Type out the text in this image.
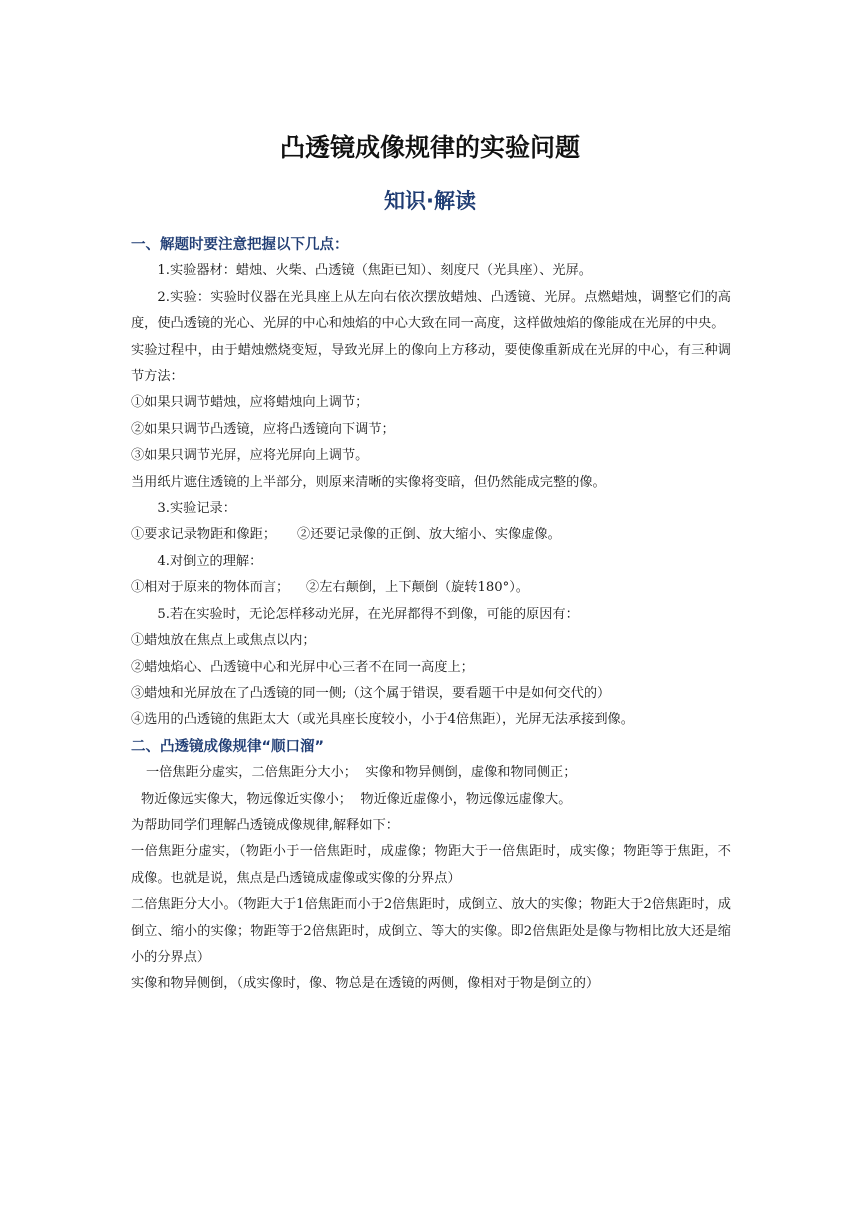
凸透镜成像规律的实验问题
知识·解读

一、解题时要注意把握以下几点：

1.实验器材：蜡烛、火柴、凸透镜（焦距已知）、刻度尺（光具座）、光屏。

2.实验：实验时仪器在光具座上从左向右依次摆放蜡烛、凸透镜、光屏。点燃蜡烛，调整它们的高度，使凸透镜的光心、光屏的中心和烛焰的中心大致在同一高度，这样做烛焰的像能成在光屏的中央。

实验过程中，由于蜡烛燃烧变短，导致光屏上的像向上方移动，要使像重新成在光屏的中心，有三种调节方法：

①如果只调节蜡烛，应将蜡烛向上调节；

②如果只调节凸透镜，应将凸透镜向下调节；

③如果只调节光屏，应将光屏向上调节。

当用纸片遮住透镜的上半部分，则原来清晰的实像将变暗，但仍然能成完整的像。

3.实验记录：

①要求记录物距和像距；     ②还要记录像的正倒、放大缩小、实像虚像。

4.对倒立的理解：

①相对于原来的物体而言；    ②左右颠倒，上下颠倒（旋转180°）。

5.若在实验时，无论怎样移动光屏，在光屏都得不到像，可能的原因有：

①蜡烛放在焦点上或焦点以内；

②蜡烛焰心、凸透镜中心和光屏中心三者不在同一高度上；

③蜡烛和光屏放在了凸透镜的同一侧;（这个属于错误，要看题干中是如何交代的）

④选用的凸透镜的焦距太大（或光具座长度较小，小于4倍焦距），光屏无法承接到像。

二、凸透镜成像规律“顺口溜”

一倍焦距分虚实，二倍焦距分大小；  实像和物异侧倒，虚像和物同侧正；

物近像远实像大，物远像近实像小；  物近像近虚像小，物远像远虚像大。

为帮助同学们理解凸透镜成像规律,解释如下：

一倍焦距分虚实，（物距小于一倍焦距时，成虚像；物距大于一倍焦距时，成实像；物距等于焦距，不成像。也就是说，焦点是凸透镜成虚像或实像的分界点）

二倍焦距分大小。（物距大于1倍焦距而小于2倍焦距时，成倒立、放大的实像；物距大于2倍焦距时，成倒立、缩小的实像；物距等于2倍焦距时，成倒立、等大的实像。即2倍焦距处是像与物相比放大还是缩小的分界点）

实像和物异侧倒，（成实像时，像、物总是在透镜的两侧，像相对于物是倒立的）
